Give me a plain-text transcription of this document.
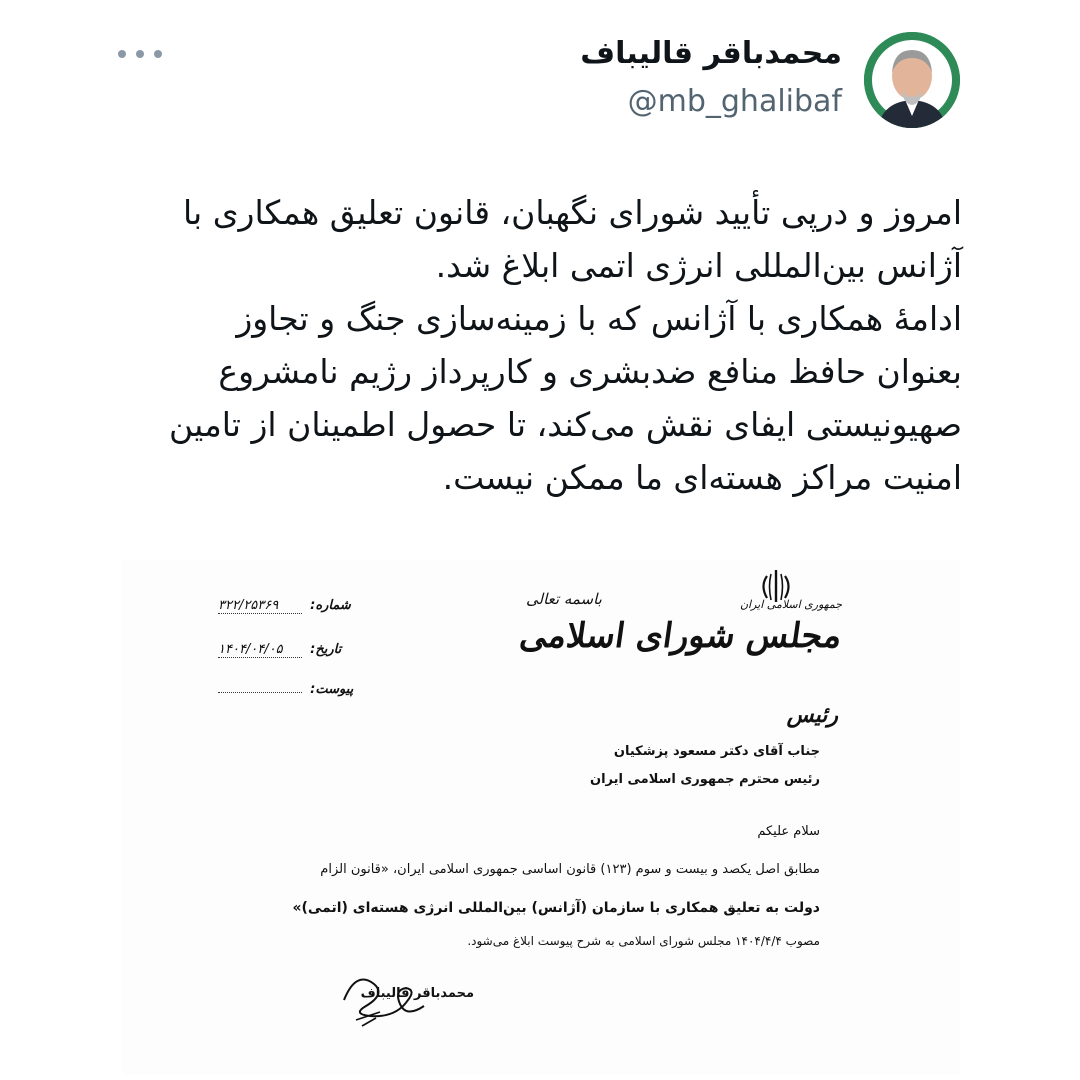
محمدباقر قالیباف
@mb_ghalibaf
امروز و درپی تأیید شورای نگهبان، قانون تعلیق همکاری با
آژانس بین‌المللی انرژی اتمی ابلاغ شد.
ادامهٔ همکاری با آژانس که با زمینه‌سازی جنگ و تجاوز
بعنوان حافظ منافع ضدبشری و کارپرداز رژیم نامشروع
صهیونیستی ایفای نقش می‌کند، تا حصول اطمینان از تامین
امنیت مراکز هسته‌ای ما ممکن نیست.
شماره: ۳۲۲/۲۵۳۶۹
تاریخ: ۱۴۰۴/۰۴/۰۵
پیوست:
باسمه تعالی	جمهوری اسلامی ایران
مجلس شورای اسلامی
رئیس
جناب آقای دکتر مسعود پزشکیان
رئیس محترم جمهوری اسلامی ایران
سلام علیکم
مطابق اصل یکصد و بیست و سوم (۱۲۳) قانون اساسی جمهوری اسلامی ایران، «قانون الزام
دولت به تعلیق همکاری با سازمان (آژانس) بین‌المللی انرژی هسته‌ای (اتمی)»
مصوب ۱۴۰۴/۴/۴ مجلس شورای اسلامی به شرح پیوست ابلاغ می‌شود.
محمدباقر قالیباف
